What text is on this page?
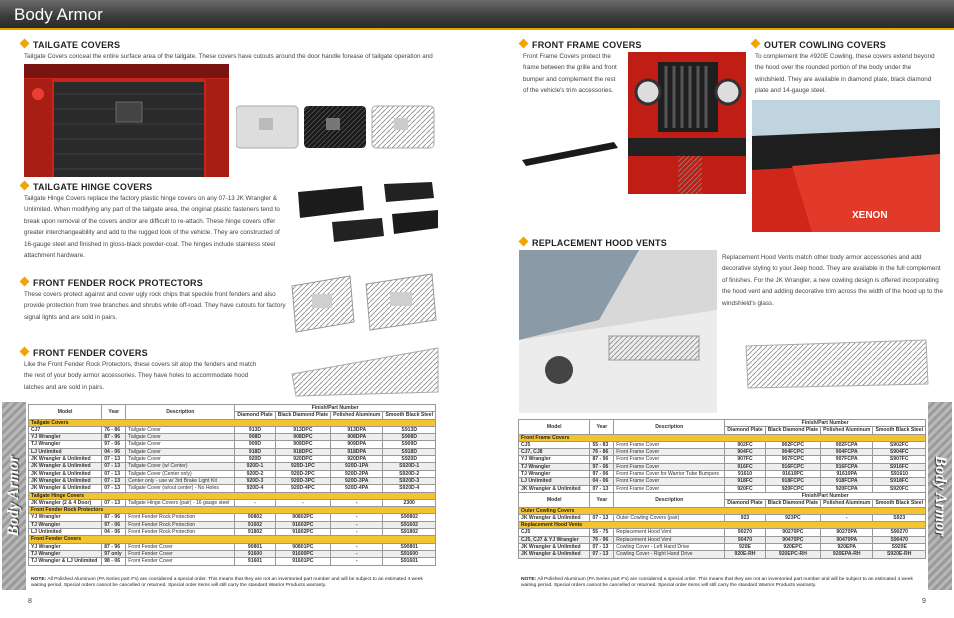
Body Armor
TAILGATE COVERS
Tailgate Covers conceal the entire surface area of the tailgate. These covers have cutouts around the door handle forease of tailgate operation and
TAILGATE HINGE COVERS
Tailgate Hinge Covers replace the factory plastic hinge covers on any 07-13 JK Wrangler & Unlimited. When modifying any part of the tailgate area, the original plastic fasteners tend to break upon removal of the covers and/or are difficult to re-attach. These hinge covers offer greater interchangeability and add to the rugged look of the vehicle. They are constructed of 16-gauge steel and finished in gloss-black powder-coat. The hinges include stainless steel attachment hardware.
FRONT FENDER ROCK PROTECTORS
These covers protect against and cover ugly rock chips that speckle front fenders and also provide protection from tree branches and shrubs while off-road. They have cutouts for factory signal lights and are sold in pairs.
FRONT FENDER COVERS
Like the Front Fender Rock Protectors, these covers sit atop the fenders and match the rest of your body armor accessories. They have holes to accommodate hood latches and are sold in pairs.
Body Armor
Model	Year	Description	Finish/Part Number			
			Diamond Plate	Black Diamond Plate	Polished Aluminum	Smooth Black Steel
Tailgate Covers						
CJ7	76 - 86	Tailgate Cover	913D	913DPC	913DPA	S913D
YJ Wrangler	87 - 96	Tailgate Cover	908D	908DPC	908DPA	S908D
TJ Wrangler	97 - 06	Tailgate Cover	909D	909DPC	909DPA	S909D
LJ Unlimited	04 - 06	Tailgate Cover	918D	918DPC	918DPA	S918D
JK Wrangler & Unlimited	07 - 13	Tailgate Cover	920D	920DPC	920DPA	S920D
JK Wrangler & Unlimited	07 - 13	Tailgate Cover (w/ Center)	920D-1	920D-1PC	920D-1PA	S920D-1
JK Wrangler & Unlimited	07 - 13	Tailgate Cover (Center only)	920D-2	920D-2PC	920D-2PA	S920D-2
JK Wrangler & Unlimited	07 - 13	Center only - use w/ 3rd Brake Light Kit	920D-3	920D-3PC	920D-3PA	S920D-3
JK Wrangler & Unlimited	07 - 13	Tailgate Cover (w/out center) - No Holes	920D-4	920D-4PC	920D-4PA	S920D-4
Tailgate Hinge Covers						
JK Wrangler (2 & 4 Door)	07 - 13	Tailgate Hinge Covers (pair) - 16 gauge steel	-	-	-	2300
Front Fender Rock Protectors						
YJ Wrangler	87 - 96	Front Fender Rock Protection	90802	90802PC	-	S90802
TJ Wrangler	97 - 06	Front Fender Rock Protection	91602	91602PC	-	S91602
LJ Unlimited	04 - 06	Front Fender Rock Protection	91802	91802PC	-	S91802
Front Fender Covers						
YJ Wrangler	87 - 96	Front Fender Cover	90801	90801PC	-	S90801
TJ Wrangler	97 only	Front Fender Cover	91600	91600PC	-	S91600
TJ Wrangler & LJ Unlimited	98 - 06	Front Fender Cover	91601	91601PC	-	S91601
NOTE: All Polished Aluminum (PA Series part #'s) are considered a special order. This means that they are not an inventoried part number and will be subject to an estimated 4 week waiting period. Special orders cannot be cancelled or returned. Special order items will still carry the standard Warrior Products warranty.
8
FRONT FRAME COVERS
Front Frame Covers protect the frame between the grille and front bumper and complement the rest of the vehicle's trim accessories.
OUTER COWLING COVERS
To complement the #920E Cowling, these covers extend beyond the hood over the rounded portion of the body under the windshield. They are available in diamond plate, black diamond plate and 14-gauge steel.
XENON
REPLACEMENT HOOD VENTS
Replacement Hood Vents match other body armor accessories and add decorative styling to your Jeep hood. They are available in the full complement of finishes. For the JK Wrangler, a new cowling design is offered incorporating the hood vent and adding decorative trim across the width of the hood up to the windshield's glass.
Body Armor
Model	Year	Description	Finish/Part Number			
			Diamond Plate	Black Diamond Plate	Polished Aluminum	Smooth Black Steel
Front Frame Covers						
CJ5	55 - 83	Front Frame Cover	902FC	902FCPC	902FCPA	S902FC
CJ7, CJ8	76 - 86	Front Frame Cover	904FC	904FCPC	904FCPA	S904FC
YJ Wrangler	87 - 96	Front Frame Cover	907FC	907FCPC	907FCPA	S907FC
TJ Wrangler	97 - 06	Front Frame Cover	916FC	916FCPC	916FCPA	S916FC
TJ Wrangler	97 - 06	Front Frame Cover for Warrior Tube Bumpers	91610	91610PC	91610PA	S91610
LJ Unlimited	04 - 06	Front Frame Cover	918FC	918FCPC	918FCPA	S918FC
JK Wrangler & Unlimited	07 - 13	Front Frame Cover	920FC	920FCPC	920FCPA	S920FC
Model	Year	Description	Finish/Part Number			
			Diamond Plate	Black Diamond Plate	Polished Aluminum	Smooth Black Steel
Outer Cowling Covers						
JK Wrangler & Unlimited	07 - 13	Outer Cowling Covers (pair)	923	923PC	-	S923
Replacement Hood Vents						
CJ5	55 - 75	Replacement Hood Vent	90270	90270PC	90270PA	S90270
CJ5, CJ7 & YJ Wrangler	76 - 96	Replacement Hood Vent	90470	90470PC	90470PA	S90470
JK Wrangler & Unlimited	07 - 13	Cowling Cover - Left Hand Drive	920E	920EPC	920EPA	S920E
JK Wrangler & Unlimited	07 - 13	Cowling Cover - Right Hand Drive	920E-RH	920EPC-RH	920EPA-RH	S920E-RH
NOTE: All Polished Aluminum (PA Series part #'s) are considered a special order. This means that they are not an inventoried part number and will be subject to an estimated 4 week waiting period. Special orders cannot be cancelled or returned. Special order items will still carry the standard Warrior Products warranty.
9
